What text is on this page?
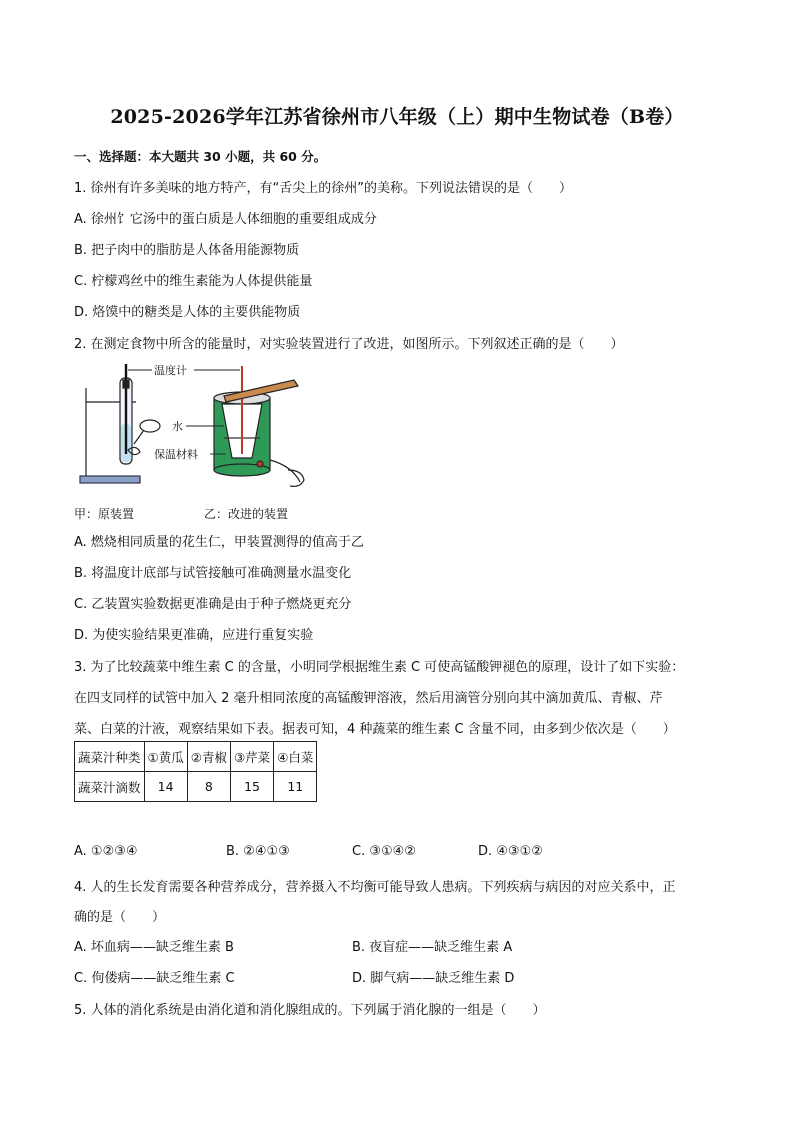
2025-2026学年江苏省徐州市八年级（上）期中生物试卷（B卷）
一、选择题：本大题共 30 小题，共 60 分。
1. 徐州有许多美味的地方特产，有“舌尖上的徐州”的美称。下列说法错误的是（　　）
A. 徐州饣它汤中的蛋白质是人体细胞的重要组成成分
B. 把子肉中的脂肪是人体备用能源物质
C. 柠檬鸡丝中的维生素能为人体提供能量
D. 烙馍中的糖类是人体的主要供能物质
2. 在测定食物中所含的能量时，对实验装置进行了改进，如图所示。下列叙述正确的是（　　）
温度计
水
保温材料
甲：原装置	乙：改进的装置
A. 燃烧相同质量的花生仁，甲装置测得的值高于乙
B. 将温度计底部与试管接触可准确测量水温变化
C. 乙装置实验数据更准确是由于种子燃烧更充分
D. 为使实验结果更准确，应进行重复实验
3. 为了比较蔬菜中维生素 C 的含量，小明同学根据维生素 C 可使高锰酸钾褪色的原理，设计了如下实验：
在四支同样的试管中加入 2 毫升相同浓度的高锰酸钾溶液，然后用滴管分别向其中滴加黄瓜、青椒、芹
菜、白菜的汁液，观察结果如下表。据表可知，4 种蔬菜的维生素 C 含量不同，由多到少依次是（　　）
蔬菜汁种类	①黄瓜	②青椒	③芹菜	④白菜
蔬菜汁滴数	14	8	15	11
A. ①②③④	B. ②④①③	C. ③①④②	D. ④③①②
4. 人的生长发育需要各种营养成分，营养摄入不均衡可能导致人患病。下列疾病与病因的对应关系中，正
确的是（　　）
A. 坏血病——缺乏维生素 B	B. 夜盲症——缺乏维生素 A
C. 佝偻病——缺乏维生素 C	D. 脚气病——缺乏维生素 D
5. 人体的消化系统是由消化道和消化腺组成的。下列属于消化腺的一组是（　　）
